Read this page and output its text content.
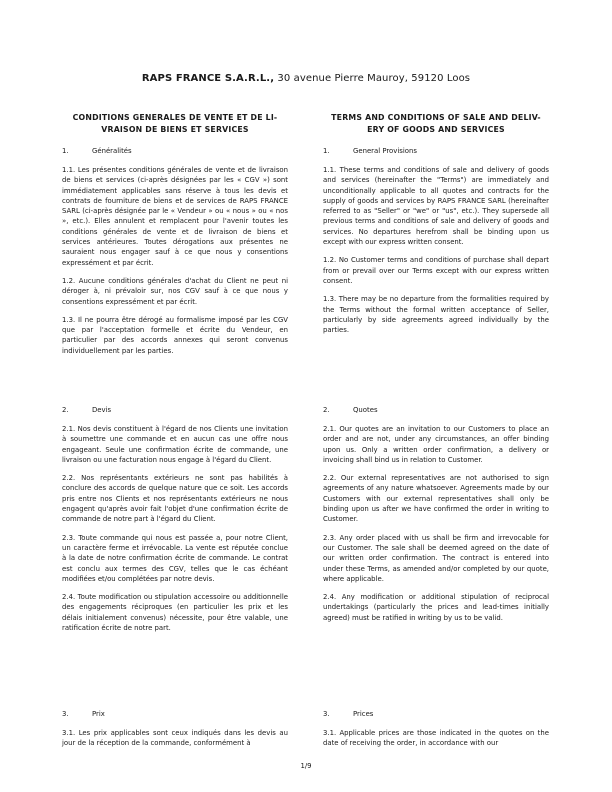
RAPS FRANCE S.A.R.L., 30 avenue Pierre Mauroy, 59120 Loos
CONDITIONS GENERALES DE VENTE ET DE LI-VRAISON DE BIENS ET SERVICES
1.	Généralités

1.1. Les présentes conditions générales de vente et de livraison de biens et services (ci-après désignées par les « CGV ») sont immédiatement applicables sans réserve à tous les devis et contrats de fourniture de biens et de services de RAPS FRANCE SARL (ci-après désignée par le « Vendeur » ou « nous » ou « nos », etc.). Elles annulent et remplacent pour l'avenir toutes les conditions générales de vente et de livraison de biens et services antérieures. Toutes dérogations aux présentes ne sauraient nous engager sauf à ce que nous y consentions expressément et par écrit.

1.2. Aucune conditions générales d'achat du Client ne peut ni déroger à, ni prévaloir sur, nos CGV sauf à ce que nous y consentions expressément et par écrit.

1.3. Il ne pourra être dérogé au formalisme imposé par les CGV que par l'acceptation formelle et écrite du Vendeur, en particulier par des accords annexes qui seront convenus individuellement par les parties.

2.	Devis

2.1. Nos devis constituent à l'égard de nos Clients une invitation à soumettre une commande et en aucun cas une offre nous engageant. Seule une confirmation écrite de commande, une livraison ou une facturation nous engage à l'égard du Client.

2.2. Nos représentants extérieurs ne sont pas habilités à conclure des accords de quelque nature que ce soit. Les accords pris entre nos Clients et nos représentants extérieurs ne nous engagent qu'après avoir fait l'objet d'une confirmation écrite de commande de notre part à l'égard du Client.

2.3. Toute commande qui nous est passée a, pour notre Client, un caractère ferme et irrévocable. La vente est réputée conclue à la date de notre confirmation écrite de commande. Le contrat est conclu aux termes des CGV, telles que le cas échéant modifiées et/ou complétées par notre devis.

2.4. Toute modification ou stipulation accessoire ou additionnelle des engagements réciproques (en particulier les prix et les délais initialement convenus) nécessite, pour être valable, une ratification écrite de notre part.

3.	Prix

3.1. Les prix applicables sont ceux indiqués dans les devis au jour de la réception de la commande, conformément à

TERMS AND CONDITIONS OF SALE AND DELIV-ERY OF GOODS AND SERVICES
1.	General Provisions

1.1. These terms and conditions of sale and delivery of goods and services (hereinafter the "Terms") are immediately and unconditionally applicable to all quotes and contracts for the supply of goods and services by RAPS FRANCE SARL (hereinafter referred to as "Seller" or "we" or "us", etc.). They supersede all previous terms and conditions of sale and delivery of goods and services. No departures herefrom shall be binding upon us except with our express written consent.

1.2. No Customer terms and conditions of purchase shall depart from or prevail over our Terms except with our express written consent.

1.3. There may be no departure from the formalities required by the Terms without the formal written acceptance of Seller, particularly by side agreements agreed individually by the parties.

2.	Quotes

2.1. Our quotes are an invitation to our Customers to place an order and are not, under any circumstances, an offer binding upon us. Only a written order confirmation, a delivery or invoicing shall bind us in relation to Customer.

2.2. Our external representatives are not authorised to sign agreements of any nature whatsoever. Agreements made by our Customers with our external representatives shall only be binding upon us after we have confirmed the order in writing to Customer.

2.3. Any order placed with us shall be firm and irrevocable for our Customer. The sale shall be deemed agreed on the date of our written order confirmation. The contract is entered into under these Terms, as amended and/or completed by our quote, where applicable.

2.4. Any modification or additional stipulation of reciprocal undertakings (particularly the prices and lead-times initially agreed) must be ratified in writing by us to be valid.

3.	Prices

3.1. Applicable prices are those indicated in the quotes on the date of receiving the order, in accordance with our

1/9
